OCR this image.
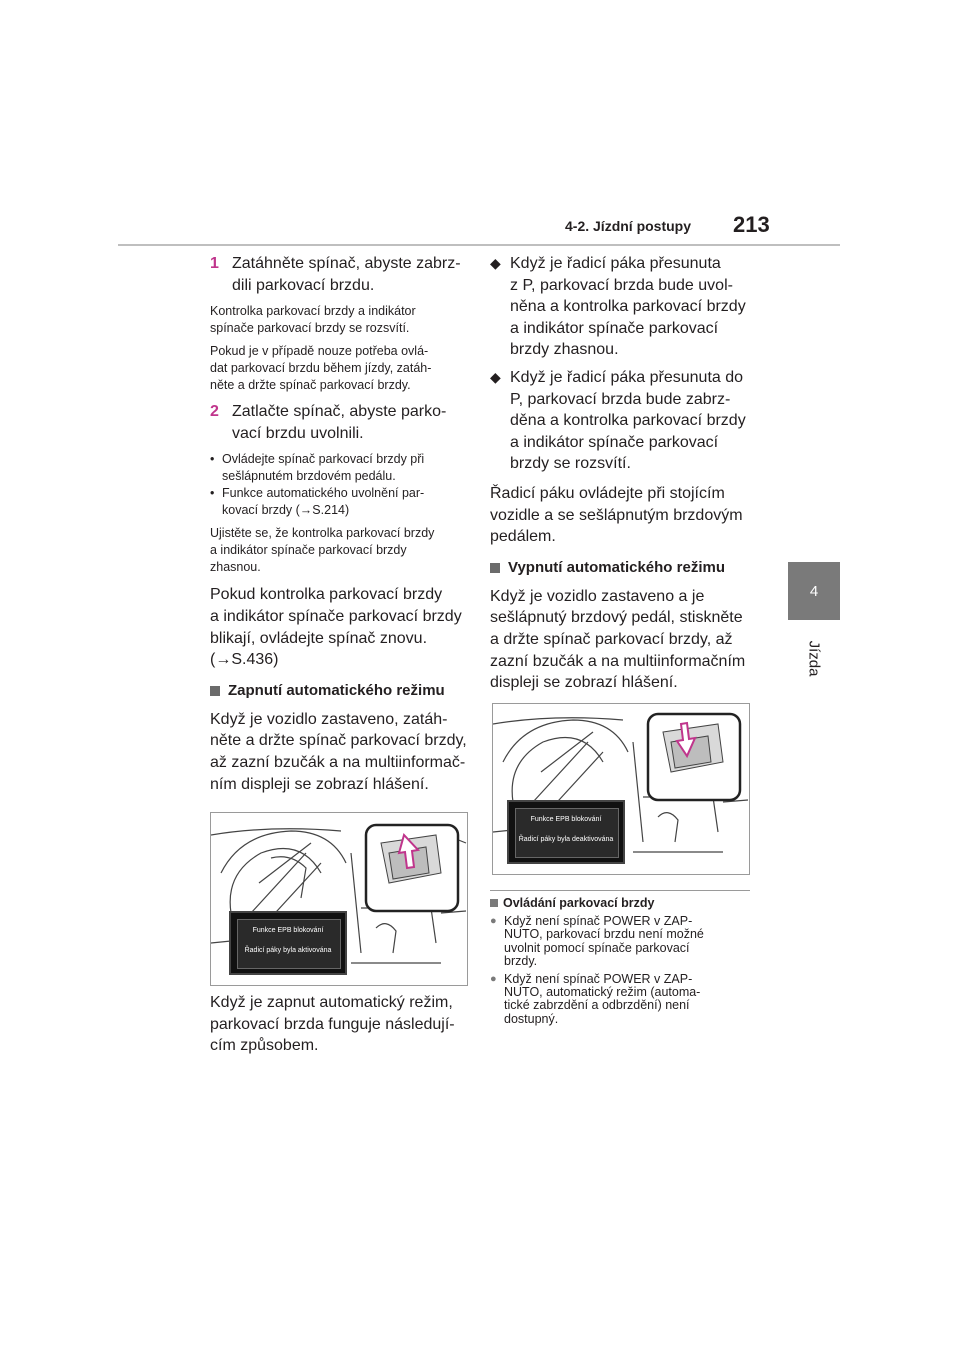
4-2. Jízdní postupy 213
4
Jízda
1 Zatáhněte spínač, abyste zabrz-
dili parkovací brzdu.

Kontrolka parkovací brzdy a indikátor
spínače parkovací brzdy se rozsvítí.

Pokud je v případě nouze potřeba ovlá-
dat parkovací brzdu během jízdy, zatáh-
něte a držte spínač parkovací brzdy.

2 Zatlačte spínač, abyste parko-
vací brzdu uvolnili.
• Ovládejte spínač parkovací brzdy při
sešlápnutém brzdovém pedálu.
• Funkce automatického uvolnění par-
kovací brzdy (→S.214)

Ujistěte se, že kontrolka parkovací brzdy
a indikátor spínače parkovací brzdy
zhasnou.

Pokud kontrolka parkovací brzdy
a indikátor spínače parkovací brzdy
blikají, ovládejte spínač znovu.
(→S.436)

Zapnutí automatického režimu

Když je vozidlo zastaveno, zatáh-
něte a držte spínač parkovací brzdy,
až zazní bzučák a na multiinformač-
ním displeji se zobrazí hlášení.

Funkce EPB blokování
Řadicí páky byla aktivována

Když je zapnut automatický režim,
parkovací brzda funguje následují-
cím způsobem.

◆ Když je řadicí páka přesunuta
z P, parkovací brzda bude uvol-
něna a kontrolka parkovací brzdy
a indikátor spínače parkovací
brzdy zhasnou.
◆ Když je řadicí páka přesunuta do
P, parkovací brzda bude zabrz-
děna a kontrolka parkovací brzdy
a indikátor spínače parkovací
brzdy se rozsvítí.

Řadicí páku ovládejte při stojícím
vozidle a se sešlápnutým brzdovým
pedálem.

Vypnutí automatického režimu

Když je vozidlo zastaveno a je
sešlápnutý brzdový pedál, stiskněte
a držte spínač parkovací brzdy, až
zazní bzučák a na multiinformačním
displeji se zobrazí hlášení.

Funkce EPB blokování
Řadicí páky byla deaktivována
Ovládání parkovací brzdy
● Když není spínač POWER v ZAP-
NUTO, parkovací brzdu není možné
uvolnit pomocí spínače parkovací
brzdy.
● Když není spínač POWER v ZAP-
NUTO, automatický režim (automa-
tické zabrzdění a odbrzdění) není
dostupný.
